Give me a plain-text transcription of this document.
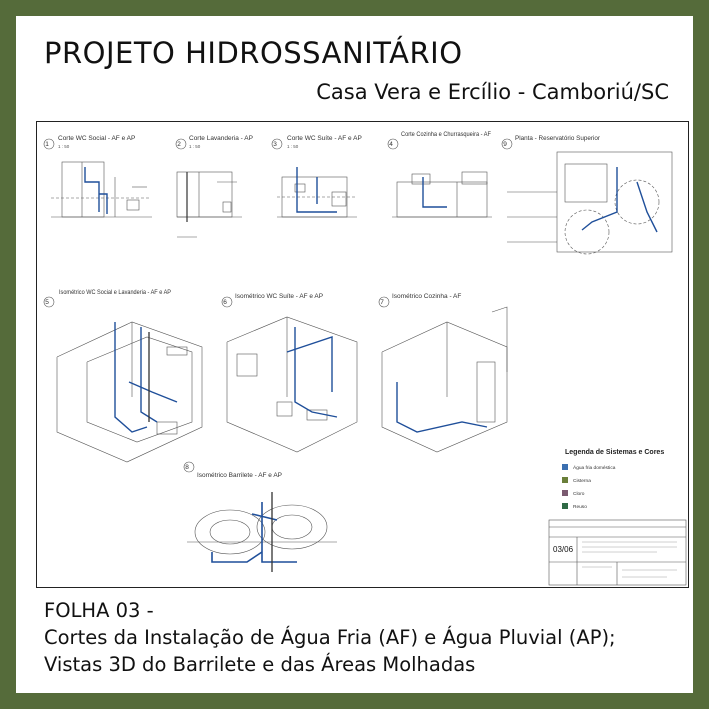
PROJETO HIDROSSANITÁRIO
Casa Vera e Ercílio - Camboriú/SC
1
Corte WC Social - AF e AP
1 : 50	2
Corte Lavanderia - AP
1 : 50	3
Corte WC Suíte - AF e AP
1 : 50	4
Corte Cozinha e Churrasqueira - AF
9
Planta - Reservatório Superior
5
Isométrico WC Social e Lavanderia - AF e AP
6
Isométrico WC Suíte - AF e AP
7
Isométrico Cozinha - AF
8
Isométrico Barrilete - AF e AP
Legenda de Sistemas e Cores
Água fria doméstica
Cisterna
Cloro
Reuso
03/06
FOLHA 03 -
Cortes da Instalação de Água Fria (AF) e Água Pluvial (AP);
Vistas 3D do Barrilete e das Áreas Molhadas
